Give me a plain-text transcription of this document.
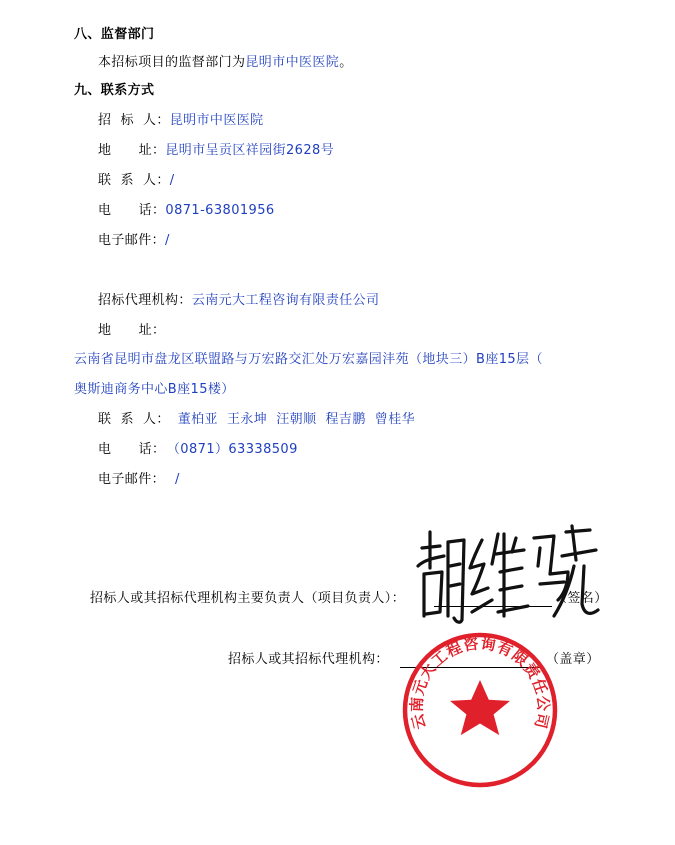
八、监督部门
本招标项目的监督部门为昆明市中医医院。
九、联系方式
招  标  人：昆明市中医医院
地      址：昆明市呈贡区祥园街2628号
联  系  人：/
电      话：0871-63801956
电子邮件：/
招标代理机构：云南元大工程咨询有限责任公司
地      址：
云南省昆明市盘龙区联盟路与万宏路交汇处万宏嘉园沣苑（地块三）B座15层（
奥斯迪商务中心B座15楼）
联  系  人： 董柏亚  王永坤  汪朝顺  程吉鹏  曾桂华
电      话： （0871）63338509
电子邮件： /
招标人或其招标代理机构主要负责人（项目负责人）：	（签名）
招标人或其招标代理机构：	（盖章）
云南元大工程咨询有限责任公司
